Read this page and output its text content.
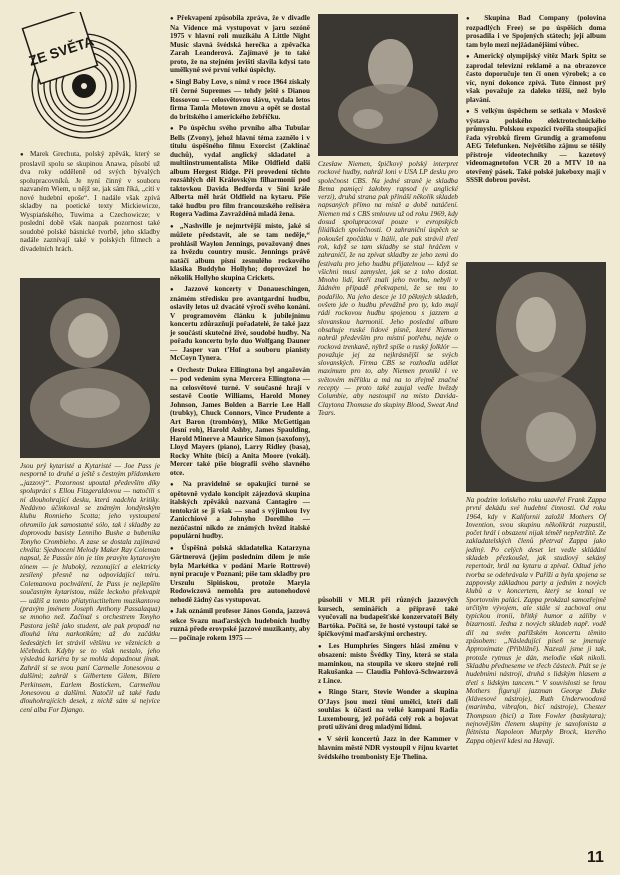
ZE SVĚTA
● Marek Grechuta, polský zpěvák, který se proslavil spolu se skupinou Anawa, působí už dva roky odděleně od svých bývalých spolupracovníků. Je nyní činný v souboru nazvaném Wiem, u nějž se, jak sám říká, „cítí v nové hudební epoše“. I nadále však zpívá skladby na poetické texty Mickiewicze, Wyspiańského, Tuwima a Czechowicze; v poslední době však naopak pozornost také soudobé polské básnické tvorbě, jeho skladby nadále zaznívají také v polských filmech a divadelních hrách.
Jsou prý kytaristé a Kytaristé — Joe Pass je nesporně to druhé a ještě s čestným přídomkem „jazzový“. Pozornost upoutal především díky spolupráci s Ellou Fitzgeraldovou — natočili s ní dlouhohrající desku, která nadchla kritiky. Nedávno účinkoval se známým londýnským klubu Ronnieho Scotta; jeho vystoupení ohromilo jak samostatné sólo, tak i skladby za doprovodu basisty Lenniho Bushe a bubeníka Tonyho Crombieho. A zase se dostala zajímavá chvála: Sjednoceni Melody Maker Ray Coleman napsal, že Passův tón je tím pravým kytarovým tónem — je hluboký, rezonující a elektricky zesílený přesně na odpovídající míru. Colemanova pochválení, že Pass je nejlepším současným kytaristou, může leckoho překvapit — uážíš a tomto příatytiuctiteltem muzikantova (pravým jménem Joseph Anthony Passalaqua) se mnoho než. Začínal s orchestrem Tonyho Pastora ještě jako student, ale pak propadl na dlouhá léta narkotikům; až do začátku šedesátých let strávil většinu ve věznicích a léčebnách. Kdyby se to však nestalo, jeho výsledná kariéra by se mohla dopadnout jinak. Zahrál si se svou paní Carmelle Jonesovou a dalšími; zahrál s Gilbertem Gilem, Bilem Perkinsem, Earlem Bostickem, Carmellou Jonesovou a dalšími. Natočil už také řadu dlouhohrajících desek, z nichž sám si nejvíce cení alba For Django.
● Překvapení způsobila zpráva, že v divadle Na Vídence má vystupovat v jaru sezóně 1975 v hlavní roli muzikálu A Little Night Music slavná švédská herečka a zpěvačka Zarah Leanderová. Zajímavé je to také proto, že na stejném jevišti slavila kdysi tato umělkyně své první velké úspěchy.
● Singl Baby Love, s nímž v roce 1964 získaly tři černé Supremes — tehdy ještě s Dianou Rossovou — celosvětovou slávu, vydala letos firma Tamla Motown znovu a opět se dostal do britského i amerického žebříčku.
● Po úspěchu svého prvního alba Tubular Bells (Zvony), jehož hlavní téma zaznělo i v titulu úspěšného filmu Exorcist (Zaklínač duchů), vydal anglický skladatel a multiinstrumentalista Mike Oldfield další album Hergest Ridge. Při provedení těchto rozsáhlých děl Královským filharmonií pod taktovkou Davida Bedforda v Síni krále Alberta měl hrát Oldfield na kytaru. Píše také hudbu pro film francouzského režiséra Rogera Vadima Zavražděná mladá žena.
● „Nashville je nejmrtvější místo, jaké si můžete představit, ale se tam neděje,“ prohlásil Waylon Jennings, považovaný dnes za hvězdu country music. Jennings právě natáčí album písní zesnulého rockového klasika Buddyho Hollyho; doprovázel ho několik Hollyho skupina Crickets.
● Jazzové koncerty v Donaueschingen, známém středisku pro avantgardní hudbu, oslavily letos už dvacáté výročí svého konání. V programovém článku k jubilejnímu koncertu zdůrazňují pořadatelé, že také jazz je součástí skutečné živé, soudobé hudby. Na pořadu koncertu bylo duo Wolfgang Dauner — Jasper van t’Hof a souboru pianisty McCoyn Tynera.
● Orchestr Dukea Ellingtona byl angažován — pod vedením syna Mercera Ellingtona — na celosvětové turné. V současné hrají v sestavě Cootie Williams, Harold Money Johnson, James Bolden a Barrie Lee Hall (trubky), Chuck Connors, Vince Prudente a Art Baron (trombóny), Mike McGettigan (lesní roh), Harold Ashby, James Spaulding, Harold Minerve a Maurice Simon (saxofony), Lloyd Mayers (piano), Larry Ridley (basa), Rocky White (bicí) a Anita Moore (vokál). Mercer také píše biografii svého slavného otce.
● Na pravidelně se opakující turné se opětovně vydalo koncipit zájezdová skupina italských zpěváků nazvaná Cantagiro — tentokrát se ji však — snad s výjimkou Ivy Zanicchiové a Johnyho Dorellího — nezúčastní nikdo ze známých hvězd italské populární hudby.
● Úspěšná polská skladatelka Katarzyna Gärtnerová (jejím posledním dílem je mše byla Markétka v podání Marie Rottrové) nyní pracuje v Poznani; píše tam skladby pro Urszulu Sipińskou, protože Maryla Rodowiczová nemohla pro autonehodové nehodě žádný čas vystupovat.
● Jak oznámil profesor János Gonda, jazzová sekce Svazu maďarských hudebních hudby ruzná přede erovpské jazzové muzikanty, aby — počínaje rokem 1975 —
Czesław Niemen, špičkový polský interpret rockové hudby, nahrál loni v USA LP desku pro společnost CBS. Na jedné straně je skladba Bema pamięci żałobny rapsod (v anglické verzi), druhá strana pak přináší několik skladeb napsaných přímo na místě a době natáčení. Niemen má s CBS smlouvu už od roku 1969, kdy dosud spolupracoval pouze v evropských filiálkách společnosti. O zahraniční úspěch se pokoušel zpočátku v Itálii, ale pak strávil třetí rok, když se tam skladby se stal hráčem v zahraničí, že na zpívat skladby ze jeho zemi do festivalu pro jeho hudbu přijatelnou — když se všichni musí zamyslet, jak se z toho dostat. Mnoho lidí, kteří znali jeho tvorbu, nebyli v žádném případě překvapeni, že se mu to podařilo. Na jeho desce je 10 pěkných skladeb, ovšem jde o hudbu převážně pro ty, kdo mají rádi rockovou hudbu spojenou s jazzem a slovanskou harmonií. Jeho poslední album obsahuje ruské lidové písně, které Niemen nahrál především pro místní potřebu, nejde o rocková trenkaně, nýbrž spíše o ruský folklór — považuje jej za nejkrásnější se svých slovanských. Firma CBS se rozhodla udělat maximum pro to, aby Niemen pronikl i ve světovém měřítku a má na to zřejmě značné recepty — proto také zaujal vedle hvězdy Columbie, aby nastoupil na místo Davida-Claytona Thomase do skupiny Blood, Sweat And Tears.
působili v MLR při různých jazzových kursech, seminářích a přípravě také vyučovali na budapešťské konzervatoři Bély Bartóka. Počítá se, že hosté vystoupí také se špičkovými maďarskými orchestry.
● Les Humphries Singers hlási změnu v obsazení: místo Švédky Tiny, která se stala maminkou, na stoupila ve skoro stejné roli Rakušanka — Claudia Pohlová-Schwarzová z Lince.
● Ringo Starr, Stevie Wonder a skupina O’Jays jsou mezi těmi umělci, kteří dali souhlas k účasti na velké kampani Radia Luxembourg, jež pořádá celý rok a bojovat proti užívání drog mladými lidmi.
● V sérii koncertů Jazz in der Kammer v hlavním městě NDR vystoupil v říjnu kvartet švédského trombonisty Eje Thelina.
● Skupina Bad Company (polovina rozpadlých Free) se po úspěších doma prosadila i ve Spojených státech; její album tam bylo mezi nejžádanějšími vůbec.
● Americký olympijský vítěz Mark Spitz se zaprodal televizní reklamě a na obrazovce často doporučuje ten či onen výrobek; a co víc, nyní dokonce zpívá. Tuto činnost prý však považuje za daleko těžší, než bylo plavání.
● S velkým úspěchem se setkala v Moskvě výstava polského elektrotechnického průmyslu. Polskou expozici tvořila stoupající řada výrobků firem Grundig a gramofonu AEG Telefunken. Největšího zájmu se těšily přístroje videotechniky — kazetový videomagnetofon VCR 20 a MTV 10 na otevřený pásek. Také polské jukeboxy mají v SSSR dobrou pověst.
Na podzim loňského roku uzavřel Frank Zappa první dekádu své hudební činnosti. Od roku 1964, kdy v Kalifornii založil Mothers Of Invention, svou skupinu několikrát rozpustil, počet hrál i obsazení nijak téměř nepřetržitě. Ze zakladatelských členů přetrval Zappa jako jediný. Po celých deset let vedle skládání skladeb přezkoušel, jak studiový sekáný repertoár, hrál na kytaru a zpíval. Odtud jeho tvorba se odehrávala v Paříži a byla spojena se zappovsky základnou party a jedním z nových klubů a v koncertem, který se konal ve Sportovním paláci. Zappa prokázal samozřejmě určitým vývojem, ale stále si zachoval onu typickou ironii, břitký humor a záliby v bizarnosti. Jedna z nových skladeb např. vodě dil na svém pařížském koncertu těmito způsobem: „Následující píseň se jmenuje Approximate (Přibližně). Nazvali jsme ji tak, protože rytmus je dán, melodie však nikoli. Skladbu předneseme ve třech částech. Ptát se je hudebními nástroji, druhá s lidským hlasem a třetí s lidským tancem.“ V souvislosti se hrou Mothers figurují jazzman George Duke (klávesové nástroje), Ruth Underwoodová (marimba, vibrafon, bicí nástroje), Chester Thompson (bicí) a Tom Fowler (baskytara); nejnovějším členem skupiny je saxofonista a flétnista Napoleon Murphy Brock, kterého Zappa objevil kdesi na Havaji.
11
